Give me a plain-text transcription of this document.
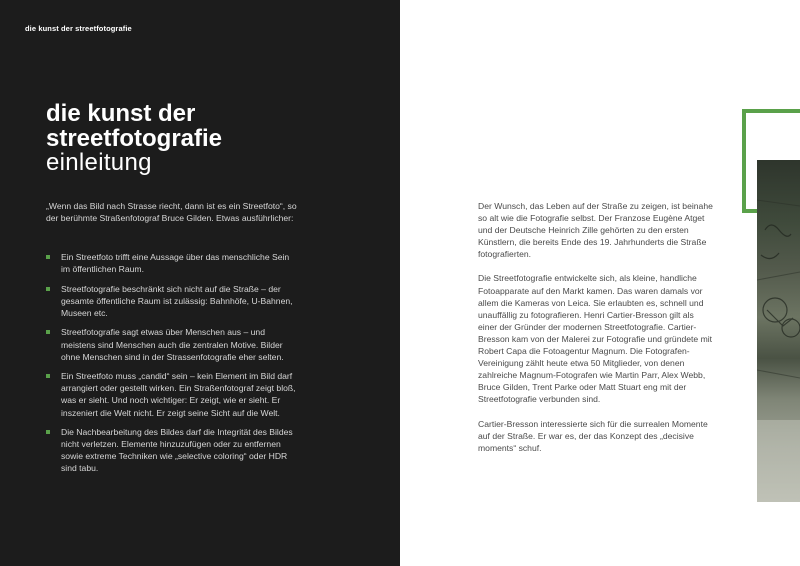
die kunst der streetfotografie
die kunst der
streetfotografie
einleitung

„Wenn das Bild nach Strasse riecht, dann ist es ein Streetfoto“, so der berühmte Straßenfotograf Bruce Gilden. Etwas ausführlicher:

Ein Streetfoto trifft eine Aussage über das menschliche Sein im öffentlichen Raum.
Streetfotografie beschränkt sich nicht auf die Straße – der gesamte öffentliche Raum ist zulässig: Bahnhöfe, U-Bahnen, Museen etc.
Streetfotografie sagt etwas über Menschen aus – und meistens sind Menschen auch die zentralen Motive. Bilder ohne Menschen sind in der Strassenfotografie eher selten.
Ein Streetfoto muss „candid“ sein – kein Element im Bild darf arrangiert oder gestellt wirken. Ein Straßenfotograf zeigt bloß, was er sieht. Und noch wichtiger: Er zeigt, wie er sieht. Er inszeniert die Welt nicht. Er zeigt seine Sicht auf die Welt.
Die Nachbearbeitung des Bildes darf die Integrität des Bildes nicht verletzen. Elemente hinzuzufügen oder zu entfernen sowie extreme Techniken wie „selective coloring“ oder HDR sind tabu.

Der Wunsch, das Leben auf der Straße zu zeigen, ist beinahe so alt wie die Fotografie selbst. Der Franzose Eugène Atget und der Deutsche Heinrich Zille gehörten zu den ersten Künstlern, die bereits Ende des 19. Jahrhunderts die Straße fotografierten.

Die Streetfotografie entwickelte sich, als kleine, handliche Fotoapparate auf den Markt kamen. Das waren damals vor allem die Kameras von Leica. Sie erlaubten es, schnell und unauffällig zu fotografieren. Henri Cartier-Bresson gilt als einer der Gründer der modernen Streetfotografie. Cartier-Bresson kam von der Malerei zur Fotografie und gründete mit Robert Capa die Fotoagentur Magnum. Die Fotografen-Vereinigung zählt heute etwa 50 Mitglieder, von denen zahlreiche Magnum-Fotografen wie Martin Parr, Alex Webb, Bruce Gilden, Trent Parke oder Matt Stuart eng mit der Streetfotografie verbunden sind.

Cartier-Bresson interessierte sich für die surrealen Momente auf der Straße. Er war es, der das Konzept des „decisive moments“ schuf.
